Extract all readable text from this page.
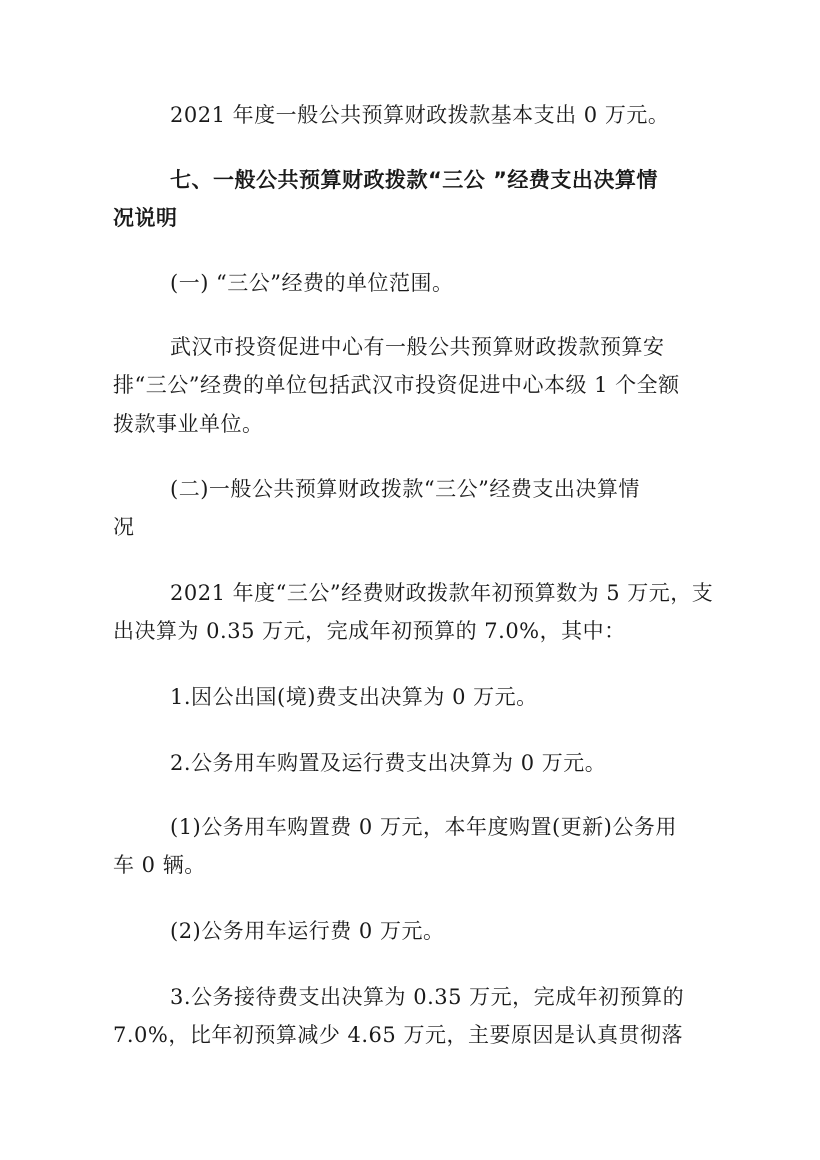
2021 年度一般公共预算财政拨款基本支出 0 万元。

七、一般公共预算财政拨款“三公 ”经费支出决算情

况说明

(一) “三公”经费的单位范围。

武汉市投资促进中心有一般公共预算财政拨款预算安

排“三公”经费的单位包括武汉市投资促进中心本级 1 个全额

拨款事业单位。

(二)一般公共预算财政拨款“三公”经费支出决算情

况

2021 年度“三公”经费财政拨款年初预算数为 5 万元，支

出决算为 0.35 万元，完成年初预算的 7.0%，其中：

1.因公出国(境)费支出决算为 0 万元。

2.公务用车购置及运行费支出决算为 0 万元。

(1)公务用车购置费 0 万元，本年度购置(更新)公务用

车 0 辆。

(2)公务用车运行费 0 万元。

3.公务接待费支出决算为 0.35 万元，完成年初预算的

7.0%，比年初预算减少 4.65 万元，主要原因是认真贯彻落
